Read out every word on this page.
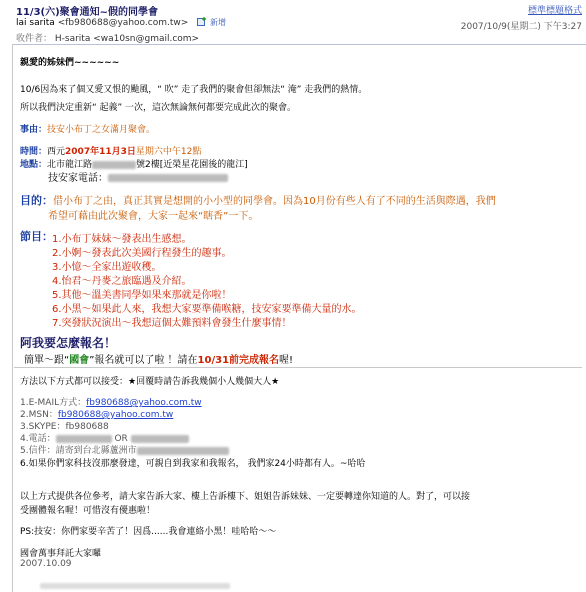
11/3(六)聚會通知~假的同學會	標準標題格式
lai sarita <fb980688@yahoo.com.tw>	新增	2007/10/9(星期二) 下午3:27
收件者： H-sarita <wa10sn@gmail.com>
親愛的姊妹們~~~~~~
10/6因為來了個又愛又恨的颱風，“ 吹” 走了我們的聚會但卻無法“ 淹” 走我們的熱情。
所以我們決定重新“ 起義” 一次，這次無論無何都要完成此次的聚會。
事由：技安小布丁之女滿月聚會。
時間：西元2007年11月3日星期六中午12點
地點：北市龍江路	號2樓[近榮星花園後的龍江]
技安家電話：
目的：借小布丁之由，真正其實是想開的小小型的同學會。因為10月份有些人有了不同的生活與際遇，我們
希望可藉由此次聚會，大家一起來“瞎香”一下。
節目： 1.小布丁妹妹～發表出生感想。
2.小婀～發表此次美國行程發生的趣事。
3.小憶～全家出遊收穫。
4.怡君～丹麥之旅臨遇及介紹。
5.其他～溫美書同學如果來那就是你啦！
6.小黑～如果此人來，我想大家要準備喉糖，技安家要準備大量的水。
7.突發狀況演出～我想這個太難預料會發生什麼事情！
阿我要怎麼報名！
簡單～跟“國會”報名就可以了啦 ！請在10/31前完成報名喔!
方法以下方式都可以接受：★回覆時請告訴我幾個小人幾個大人★
1.E-MAIL方式：fb980688@yahoo.com.tw
2.MSN：fb980688@yahoo.com.tw
3.SKYPE：fb980688
4.電話：	OR
5.信件：請寄到台北縣蘆洲市
6.如果你們家科技沒那麼發達，可親自到我家和我報名， 我們家24小時都有人。~哈哈
以上方式提供各位參考，請大家告訴大家、樓上告訴樓下、姐姐告訴妹妹、一定要轉達你知道的人。對了，可以接
受團體報名喔！可惜沒有優惠啦！
PS:技安：你們家要辛苦了！因爲......我會連絡小黑！哇哈哈～～
國會萬事拜託大家囉
2007.10.09
